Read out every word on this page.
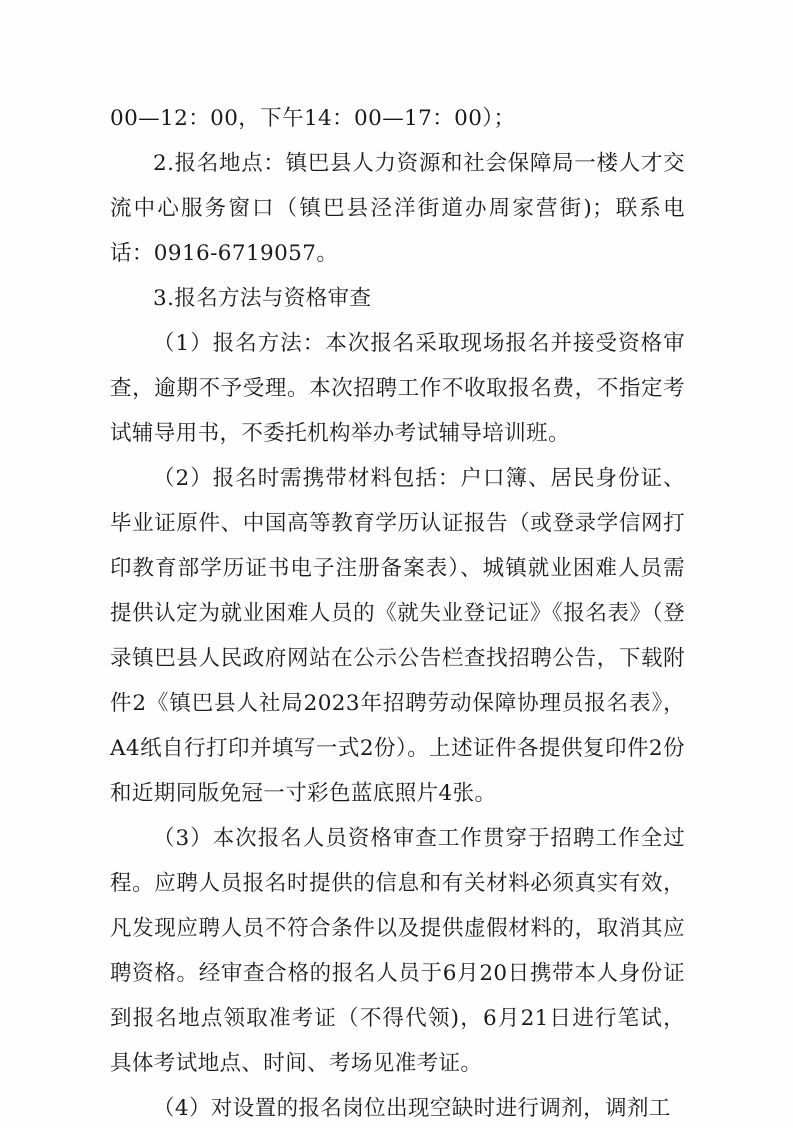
00—12：00，下午14：00—17：00）；

2.报名地点：镇巴县人力资源和社会保障局一楼人才交流中心服务窗口（镇巴县泾洋街道办周家营街)；联系电话：0916-6719057。

3.报名方法与资格审查

（1）报名方法：本次报名采取现场报名并接受资格审查，逾期不予受理。本次招聘工作不收取报名费，不指定考试辅导用书，不委托机构举办考试辅导培训班。

（2）报名时需携带材料包括：户口簿、居民身份证、毕业证原件、中国高等教育学历认证报告（或登录学信网打印教育部学历证书电子注册备案表）、城镇就业困难人员需提供认定为就业困难人员的《就失业登记证》《报名表》（登录镇巴县人民政府网站在公示公告栏查找招聘公告，下载附件2《镇巴县人社局2023年招聘劳动保障协理员报名表》，A4纸自行打印并填写一式2份）。上述证件各提供复印件2份和近期同版免冠一寸彩色蓝底照片4张。

（3）本次报名人员资格审查工作贯穿于招聘工作全过程。应聘人员报名时提供的信息和有关材料必须真实有效，凡发现应聘人员不符合条件以及提供虚假材料的，取消其应聘资格。经审查合格的报名人员于6月20日携带本人身份证到报名地点领取准考证（不得代领)，6月21日进行笔试，具体考试地点、时间、考场见准考证。

（4）对设置的报名岗位出现空缺时进行调剂，调剂工
